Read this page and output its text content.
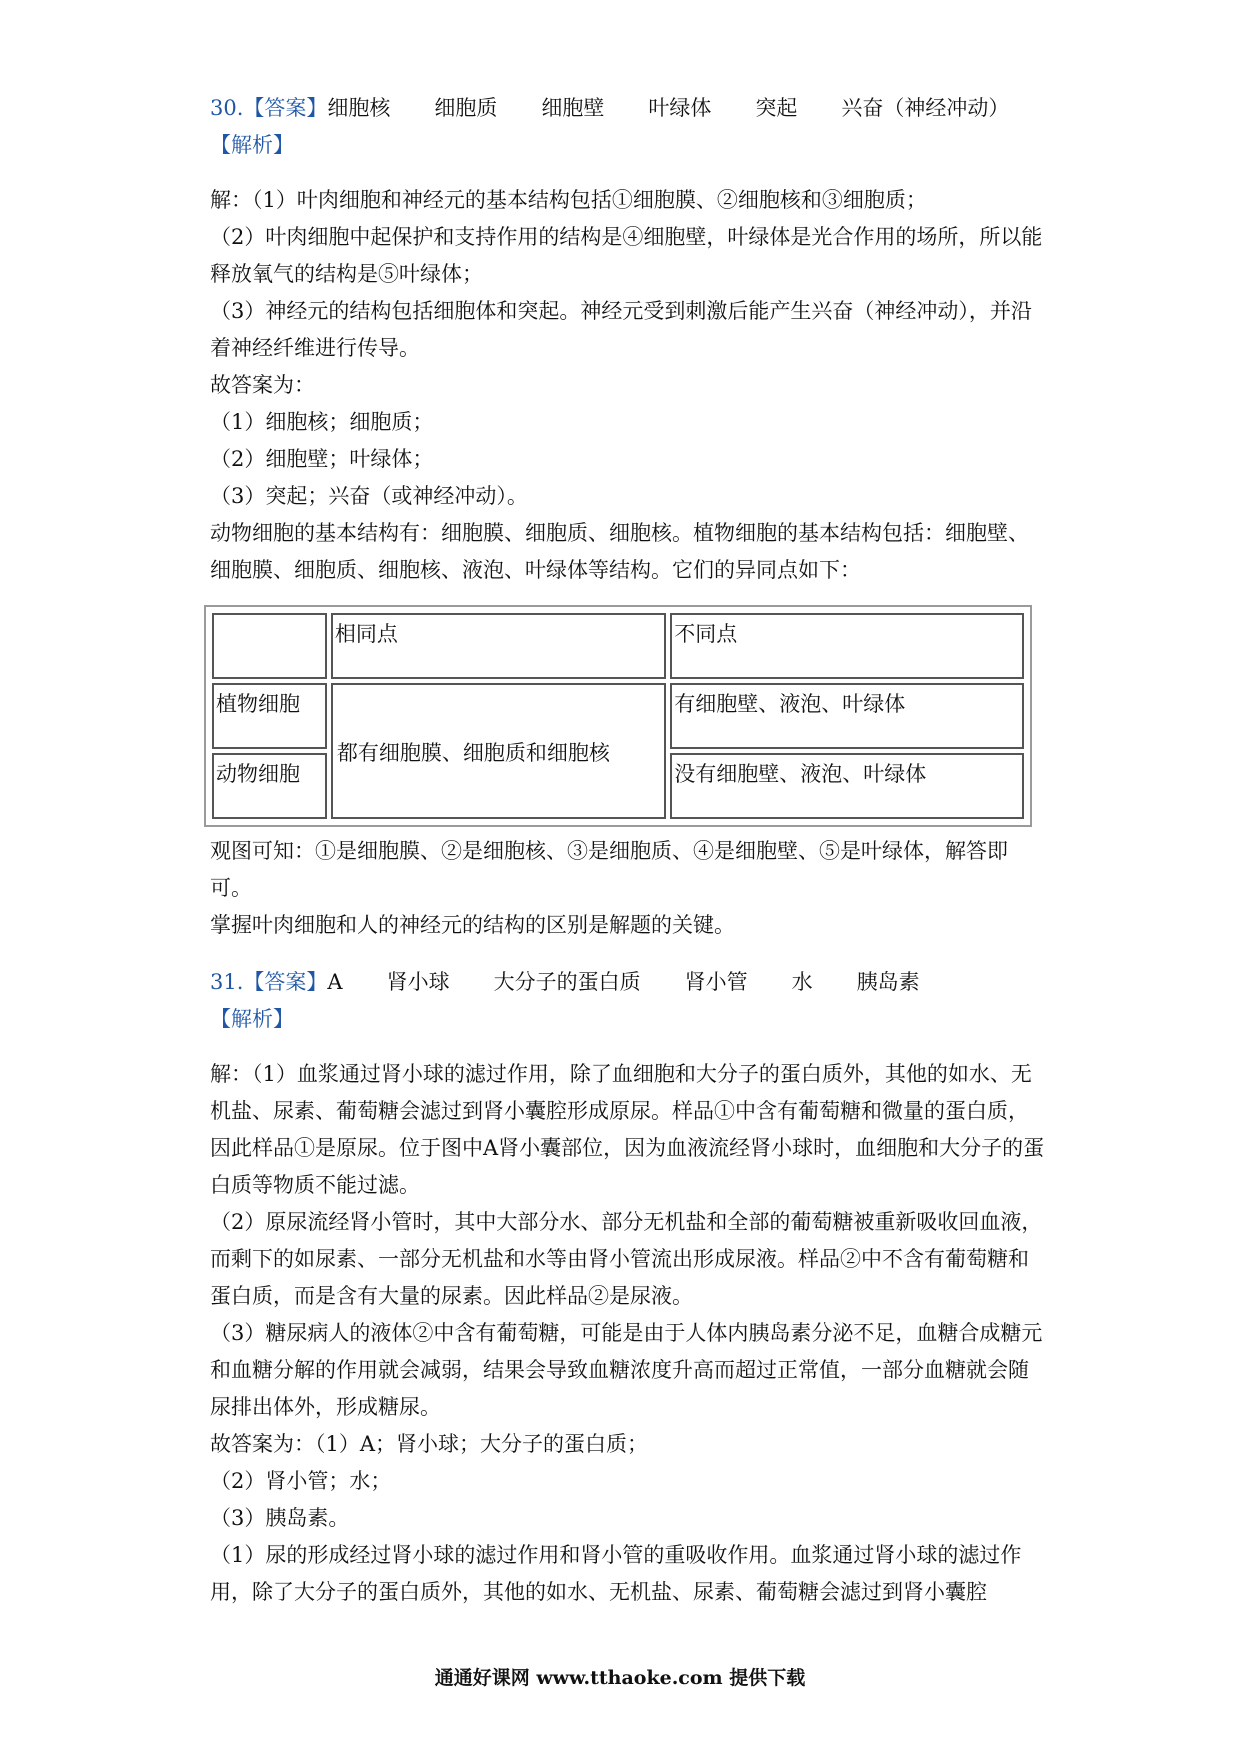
30. 【答案】 细胞核 细胞质 细胞壁 叶绿体 突起 兴奋（神经冲动）
【解析】

解：（1）叶肉细胞和神经元的基本结构包括①细胞膜、②细胞核和③细胞质；

（2）叶肉细胞中起保护和支持作用的结构是④细胞壁，叶绿体是光合作用的场所，所以能释放氧气的结构是⑤叶绿体；

（3）神经元的结构包括细胞体和突起。神经元受到刺激后能产生兴奋（神经冲动），并沿着神经纤维进行传导。

故答案为：

（1）细胞核；细胞质；

（2）细胞壁；叶绿体；

（3）突起；兴奋（或神经冲动）。

动物细胞的基本结构有：细胞膜、细胞质、细胞核。植物细胞的基本结构包括：细胞壁、细胞膜、细胞质、细胞核、液泡、叶绿体等结构。它们的异同点如下：

	相同点	不同点
植物细胞	都有细胞膜、细胞质和细胞核	有细胞壁、液泡、叶绿体
动物细胞		没有细胞壁、液泡、叶绿体

观图可知：①是细胞膜、②是细胞核、③是细胞质、④是细胞壁、⑤是叶绿体，解答即可。

掌握叶肉细胞和人的神经元的结构的区别是解题的关键。

31. 【答案】 A 肾小球 大分子的蛋白质 肾小管 水 胰岛素
【解析】

解：（1）血浆通过肾小球的滤过作用，除了血细胞和大分子的蛋白质外，其他的如水、无机盐、尿素、葡萄糖会滤过到肾小囊腔形成原尿。样品①中含有葡萄糖和微量的蛋白质，因此样品①是原尿。位于图中A肾小囊部位，因为血液流经肾小球时，血细胞和大分子的蛋白质等物质不能过滤。

（2）原尿流经肾小管时，其中大部分水、部分无机盐和全部的葡萄糖被重新吸收回血液，而剩下的如尿素、一部分无机盐和水等由肾小管流出形成尿液。样品②中不含有葡萄糖和蛋白质，而是含有大量的尿素。因此样品②是尿液。

（3）糖尿病人的液体②中含有葡萄糖，可能是由于人体内胰岛素分泌不足，血糖合成糖元和血糖分解的作用就会减弱，结果会导致血糖浓度升高而超过正常值，一部分血糖就会随尿排出体外，形成糖尿。

故答案为：（1）A；肾小球；大分子的蛋白质；

（2）肾小管；水；

（3）胰岛素。

（1）尿的形成经过肾小球的滤过作用和肾小管的重吸收作用。血浆通过肾小球的滤过作用，除了大分子的蛋白质外，其他的如水、无机盐、尿素、葡萄糖会滤过到肾小囊腔

通通好课网 www.tthaoke.com 提供下载
